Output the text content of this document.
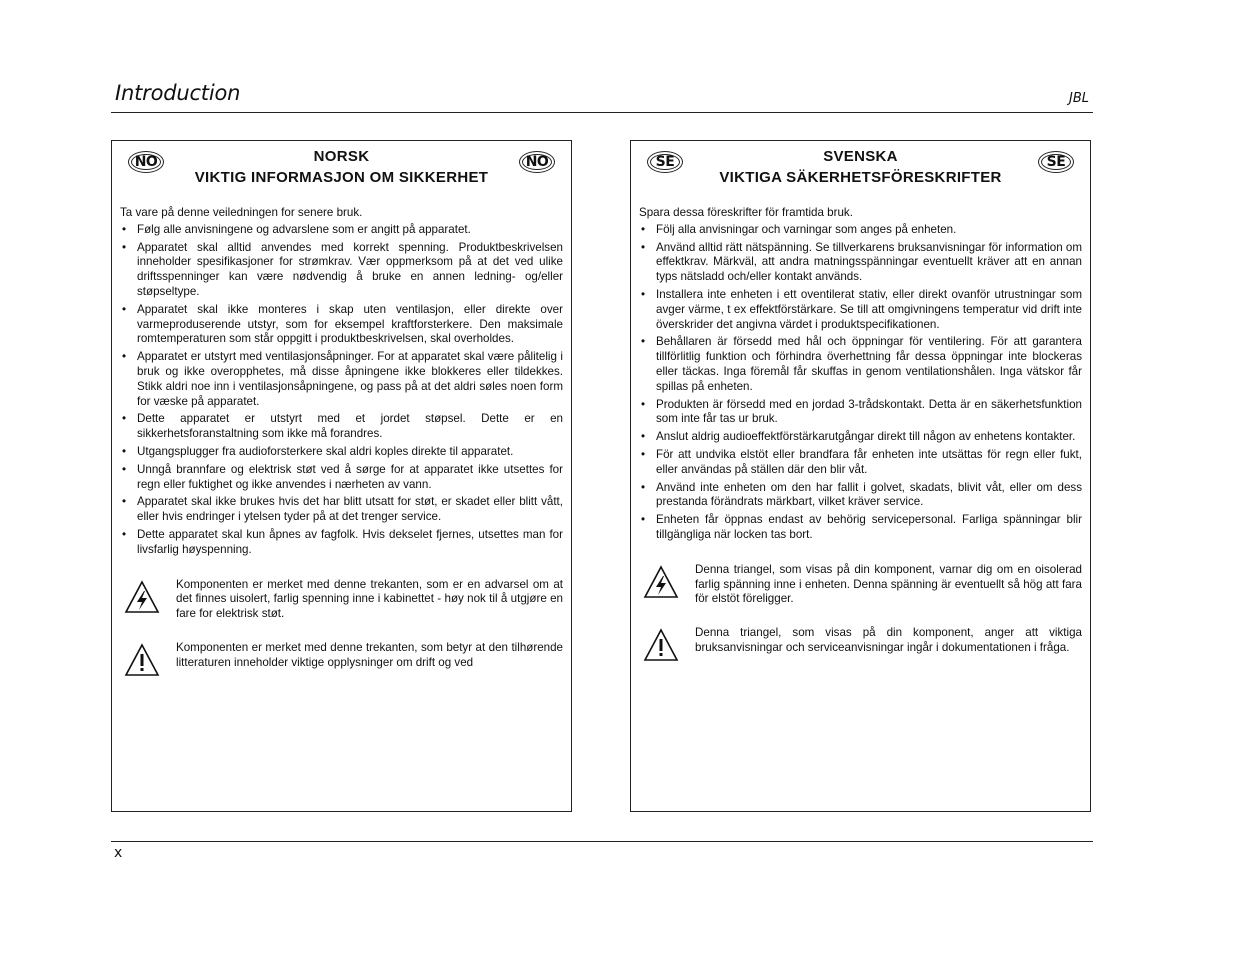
Introduction	JBL
NO	NO
NORSK
VIKTIG INFORMASJON OM SIKKERHET

Ta vare på denne veiledningen for senere bruk.

• Følg alle anvisningene og advarslene som er angitt på apparatet.
• Apparatet skal alltid anvendes med korrekt spenning. Produktbeskrivelsen inneholder spesifikasjoner for strømkrav. Vær oppmerksom på at det ved ulike driftsspenninger kan være nødvendig å bruke en annen ledning- og/eller støpseltype.
• Apparatet skal ikke monteres i skap uten ventilasjon, eller direkte over varmeproduserende utstyr, som for eksempel kraftforsterkere. Den maksimale romtemperaturen som står oppgitt i produktbeskrivelsen, skal overholdes.
• Apparatet er utstyrt med ventilasjonsåpninger. For at apparatet skal være pålitelig i bruk og ikke overopphetes, må disse åpningene ikke blokkeres eller tildekkes. Stikk aldri noe inn i ventilasjonsåpningene, og pass på at det aldri søles noen form for væske på apparatet.
• Dette apparatet er utstyrt med et jordet støpsel. Dette er en sikkerhetsforanstaltning som ikke må forandres.
• Utgangsplugger fra audioforsterkere skal aldri koples direkte til apparatet.
• Unngå brannfare og elektrisk støt ved å sørge for at apparatet ikke utsettes for regn eller fuktighet og ikke anvendes i nærheten av vann.
• Apparatet skal ikke brukes hvis det har blitt utsatt for støt, er skadet eller blitt vått, eller hvis endringer i ytelsen tyder på at det trenger service.
• Dette apparatet skal kun åpnes av fagfolk. Hvis dekselet fjernes, utsettes man for livsfarlig høyspenning.
Komponenten er merket med denne trekanten, som er en advarsel om at det finnes uisolert, farlig spenning inne i kabinettet - høy nok til å utgjøre en fare for elektrisk støt.
Komponenten er merket med denne trekanten, som betyr at den tilhørende litteraturen inneholder viktige opplysninger om drift og ved
SE	SE
SVENSKA
VIKTIGA SÄKERHETSFÖRESKRIFTER

Spara dessa föreskrifter för framtida bruk.

• Följ alla anvisningar och varningar som anges på enheten.
• Använd alltid rätt nätspänning. Se tillverkarens bruksanvisningar för information om effektkrav. Märkväl, att andra matningsspänningar eventuellt kräver att en annan typs nätsladd och/eller kontakt används.
• Installera inte enheten i ett oventilerat stativ, eller direkt ovanför utrustningar som avger värme, t ex effektförstärkare. Se till att omgivningens temperatur vid drift inte överskrider det angivna värdet i produktspecifikationen.
• Behållaren är försedd med hål och öppningar för ventilering. För att garantera tillförlitlig funktion och förhindra överhettning får dessa öppningar inte blockeras eller täckas. Inga föremål får skuffas in genom ventilationshålen. Inga vätskor får spillas på enheten.
• Produkten är försedd med en jordad 3-trådskontakt. Detta är en säkerhetsfunktion som inte får tas ur bruk.
• Anslut aldrig audioeffektförstärkarutgångar direkt till någon av enhetens kontakter.
• För att undvika elstöt eller brandfara får enheten inte utsättas för regn eller fukt, eller användas på ställen där den blir våt.
• Använd inte enheten om den har fallit i golvet, skadats, blivit våt, eller om dess prestanda förändrats märkbart, vilket kräver service.
• Enheten får öppnas endast av behörig servicepersonal. Farliga spänningar blir tillgängliga när locken tas bort.
Denna triangel, som visas på din komponent, varnar dig om en oisolerad farlig spänning inne i enheten. Denna spänning är eventuellt så hög att fara för elstöt föreligger.
Denna triangel, som visas på din komponent, anger att viktiga bruksanvisningar och serviceanvisningar ingår i dokumentationen i fråga.
x
